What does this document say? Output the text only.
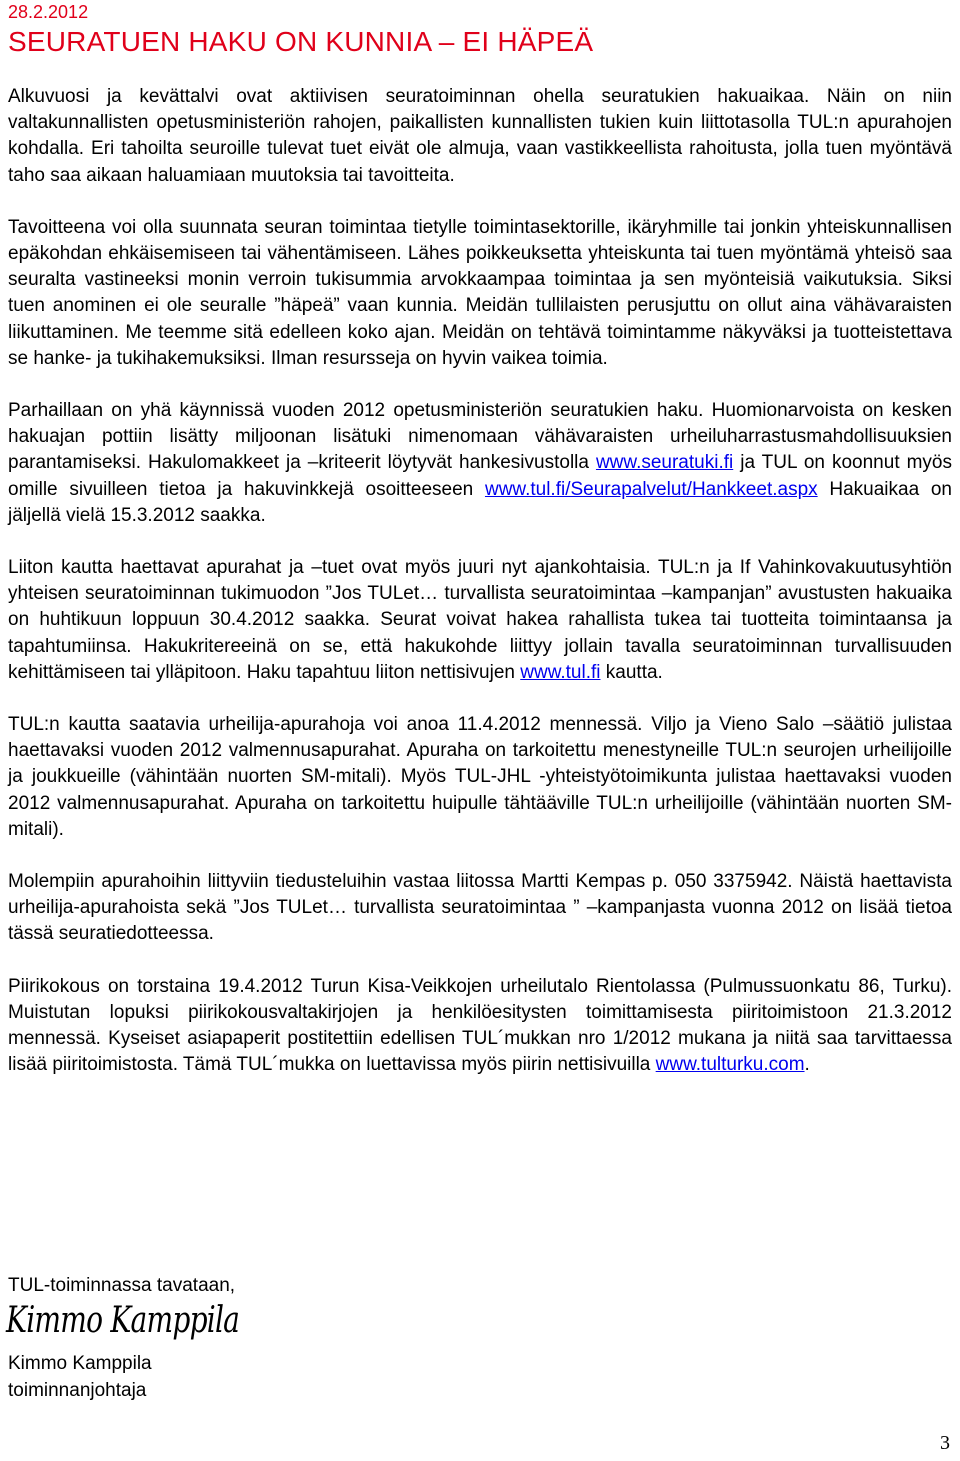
28.2.2012
SEURATUEN HAKU ON KUNNIA – EI HÄPEÄ

Alkuvuosi ja kevättalvi ovat aktiivisen seuratoiminnan ohella seuratukien hakuaikaa. Näin on niin valtakunnallisten opetusministeriön rahojen, paikallisten kunnallisten tukien kuin liittotasolla TUL:n apurahojen kohdalla. Eri tahoilta seuroille tulevat tuet eivät ole almuja, vaan vastikkeellista rahoitusta, jolla tuen myöntävä taho saa aikaan haluamiaan muutoksia tai tavoitteita.

Tavoitteena voi olla suunnata seuran toimintaa tietylle toimintasektorille, ikäryhmille tai jonkin yhteiskunnallisen epäkohdan ehkäisemiseen tai vähentämiseen. Lähes poikkeuksetta yhteiskunta tai tuen myöntämä yhteisö saa seuralta vastineeksi monin verroin tukisummia arvokkaampaa toimintaa ja sen myönteisiä vaikutuksia. Siksi tuen anominen ei ole seuralle ”häpeä” vaan kunnia. Meidän tullilaisten perusjuttu on ollut aina vähävaraisten liikuttaminen. Me teemme sitä edelleen koko ajan. Meidän on tehtävä toimintamme näkyväksi ja tuotteistettava se hanke- ja tukihakemuksiksi. Ilman resursseja on hyvin vaikea toimia.

Parhaillaan on yhä käynnissä vuoden 2012 opetusministeriön seuratukien haku. Huomionarvoista on kesken hakuajan pottiin lisätty miljoonan lisätuki nimenomaan vähävaraisten urheiluharrastusmahdollisuuksien parantamiseksi. Hakulomakkeet ja –kriteerit löytyvät hankesivustolla www.seuratuki.fi ja TUL on koonnut myös omille sivuilleen tietoa ja hakuvinkkejä osoitteeseen www.tul.fi/Seurapalvelut/Hankkeet.aspx Hakuaikaa on jäljellä vielä 15.3.2012 saakka.

Liiton kautta haettavat apurahat ja –tuet ovat myös juuri nyt ajankohtaisia. TUL:n ja If Vahinkovakuutusyhtiön yhteisen seuratoiminnan tukimuodon ”Jos TULet… turvallista seuratoimintaa –kampanjan” avustusten hakuaika on huhtikuun loppuun 30.4.2012 saakka. Seurat voivat hakea rahallista tukea tai tuotteita toimintaansa ja tapahtumiinsa. Hakukritereeinä on se, että hakukohde liittyy jollain tavalla seuratoiminnan turvallisuuden kehittämiseen tai ylläpitoon. Haku tapahtuu liiton nettisivujen www.tul.fi kautta.

TUL:n kautta saatavia urheilija-apurahoja voi anoa 11.4.2012 mennessä. Viljo ja Vieno Salo –säätiö julistaa haettavaksi vuoden 2012 valmennusapurahat. Apuraha on tarkoitettu menestyneille TUL:n seurojen urheilijoille ja joukkueille (vähintään nuorten SM-mitali). Myös TUL-JHL -yhteistyötoimikunta julistaa haettavaksi vuoden 2012 valmennusapurahat. Apuraha on tarkoitettu huipulle tähtääville TUL:n urheilijoille (vähintään nuorten SM-mitali).

Molempiin apurahoihin liittyviin tiedusteluihin vastaa liitossa Martti Kempas p. 050 3375942. Näistä haettavista urheilija-apurahoista sekä ”Jos TULet… turvallista seuratoimintaa ” –kampanjasta vuonna 2012 on lisää tietoa tässä seuratiedotteessa.

Piirikokous on torstaina 19.4.2012 Turun Kisa-Veikkojen urheilutalo Rientolassa (Pulmussuonkatu 86, Turku). Muistutan lopuksi piirikokousvaltakirjojen ja henkilöesitysten toimittamisesta piiritoimistoon 21.3.2012 mennessä. Kyseiset asiapaperit postitettiin edellisen TUL´mukkan nro 1/2012 mukana ja niitä saa tarvittaessa lisää piiritoimistosta. Tämä TUL´mukka on luettavissa myös piirin nettisivuilla www.tulturku.com.

TUL-toiminnassa tavataan,
Kimmo Kamppila
Kimmo Kamppila
toiminnanjohtaja
3
